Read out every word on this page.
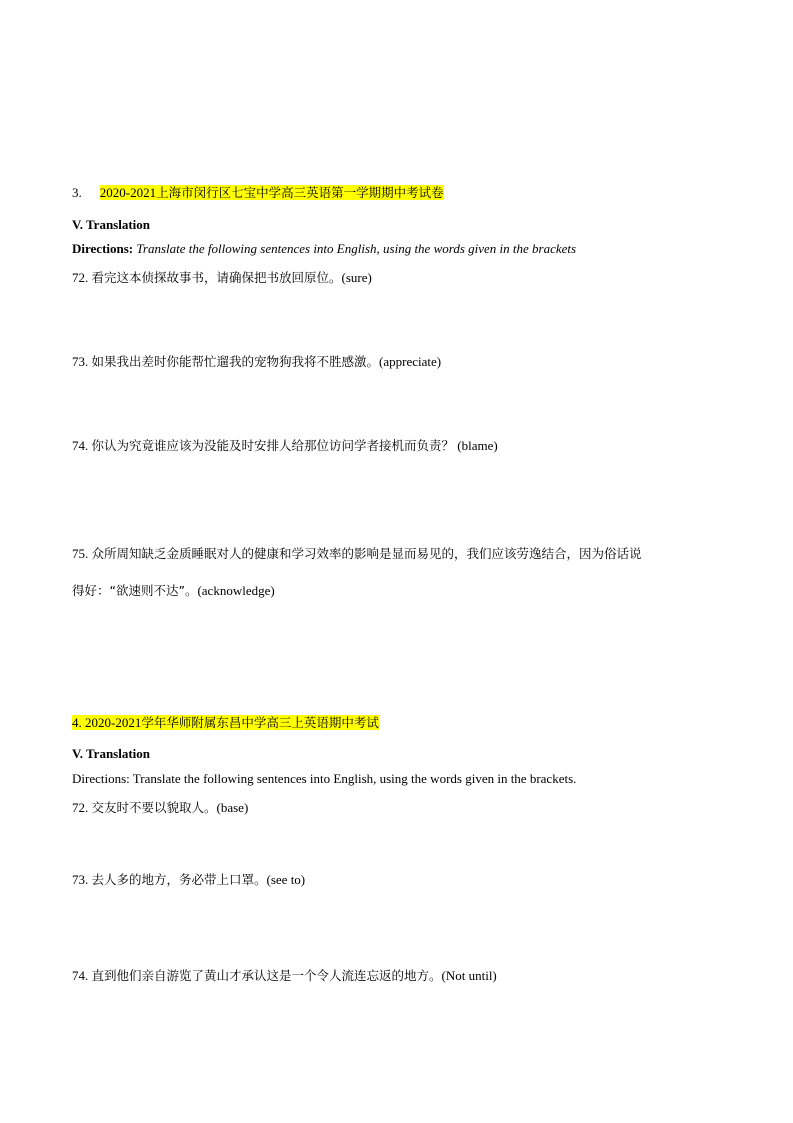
3. 2020-2021上海市闵行区七宝中学高三英语第一学期期中考试卷
V. Translation
Directions: Translate the following sentences into English, using the words given in the brackets
72. 看完这本侦探故事书，请确保把书放回原位。(sure)
73. 如果我出差时你能帮忙遛我的宠物狗我将不胜感激。(appreciate)
74. 你认为究竟谁应该为没能及时安排人给那位访问学者接机而负责？ (blame)
75. 众所周知缺乏金质睡眠对人的健康和学习效率的影响是显而易见的，我们应该劳逸结合，因为俗话说
得好：“欲速则不达”。(acknowledge)
4. 2020-2021学年华师附属东昌中学高三上英语期中考试
V. Translation
Directions: Translate the following sentences into English, using the words given in the brackets.
72. 交友时不要以貌取人。(base)
73. 去人多的地方，务必带上口罩。(see to)
74. 直到他们亲自游览了黄山才承认这是一个令人流连忘返的地方。(Not until)
